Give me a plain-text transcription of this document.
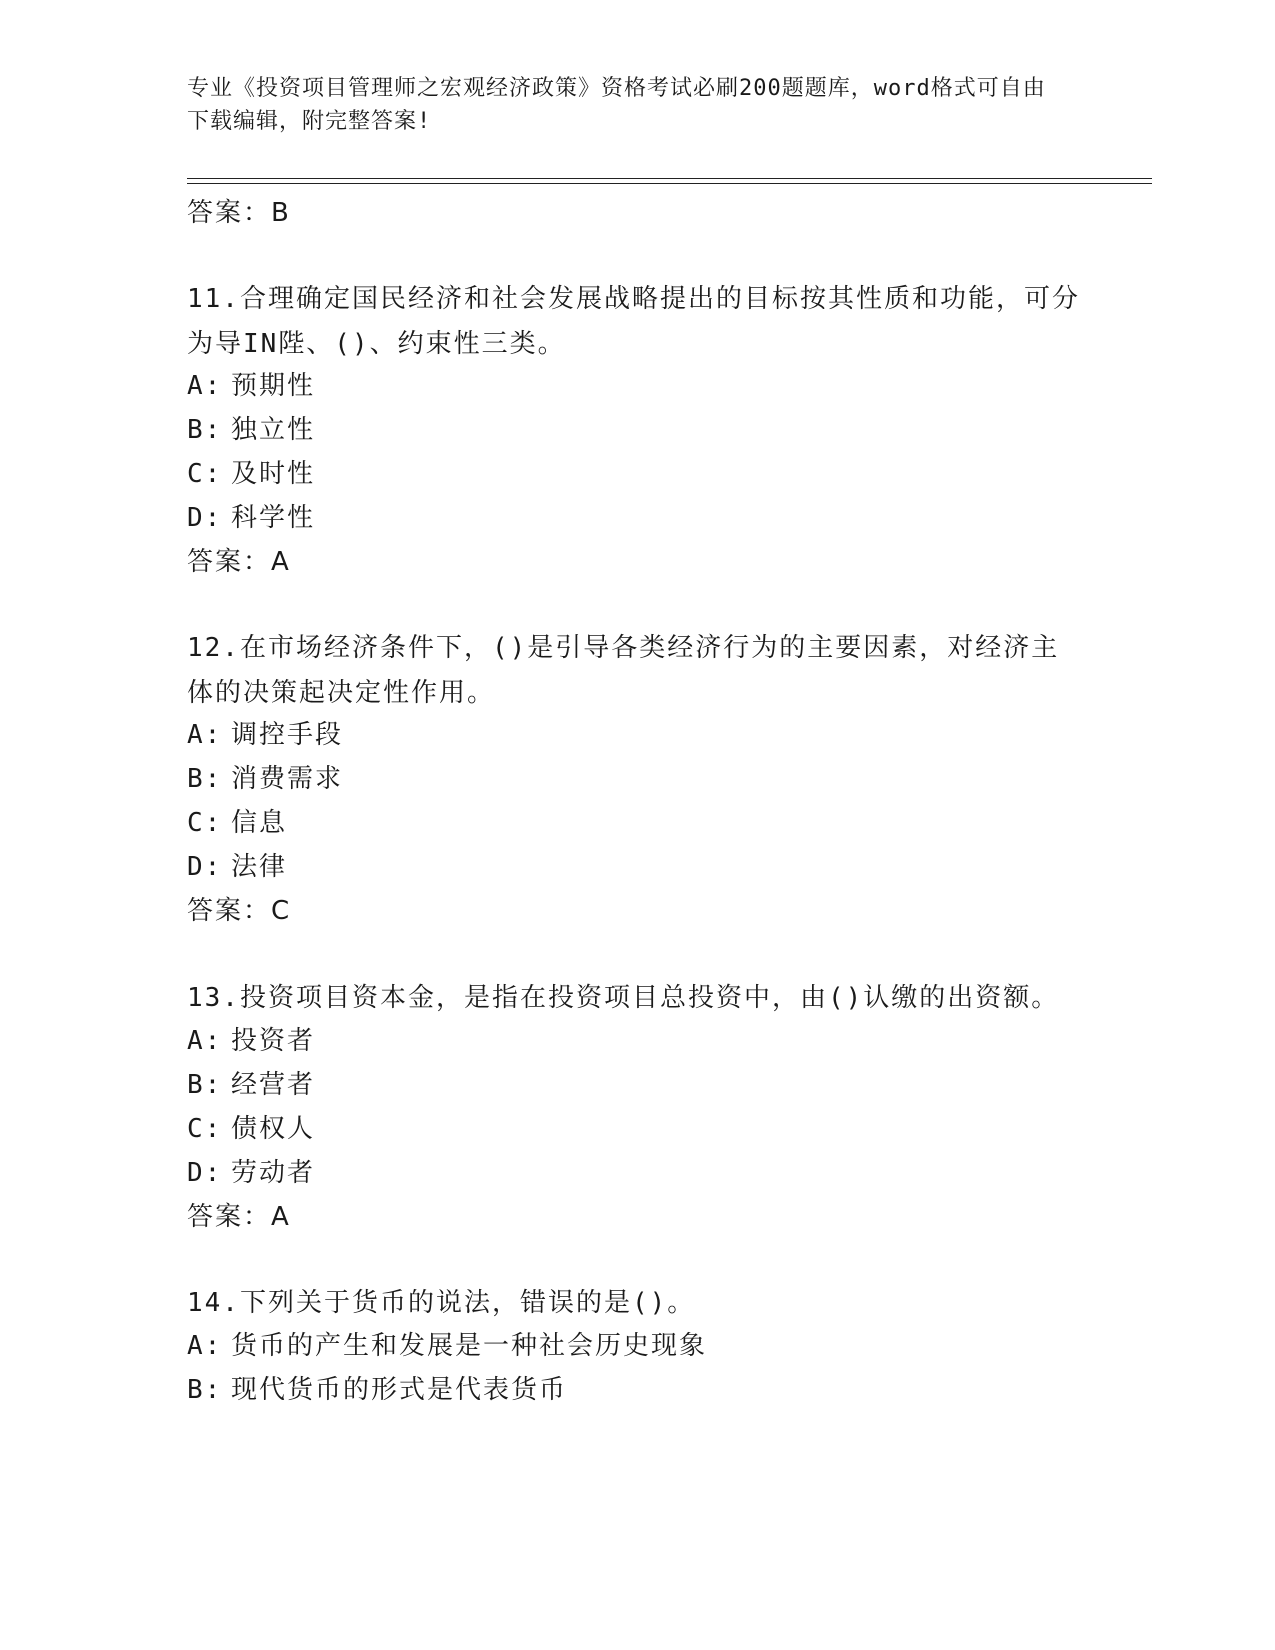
专业《投资项目管理师之宏观经济政策》资格考试必刷200题题库，word格式可自由下载编辑，附完整答案!
答案：B
11.合理确定国民经济和社会发展战略提出的目标按其性质和功能，可分为导IN陛、()、约束性三类。
A: 预期性
B: 独立性
C: 及时性
D: 科学性
答案：A
12.在市场经济条件下，()是引导各类经济行为的主要因素，对经济主体的决策起决定性作用。
A: 调控手段
B: 消费需求
C: 信息
D: 法律
答案：C
13.投资项目资本金，是指在投资项目总投资中，由()认缴的出资额。
A: 投资者
B: 经营者
C: 债权人
D: 劳动者
答案：A
14.下列关于货币的说法，错误的是()。
A: 货币的产生和发展是一种社会历史现象
B: 现代货币的形式是代表货币
